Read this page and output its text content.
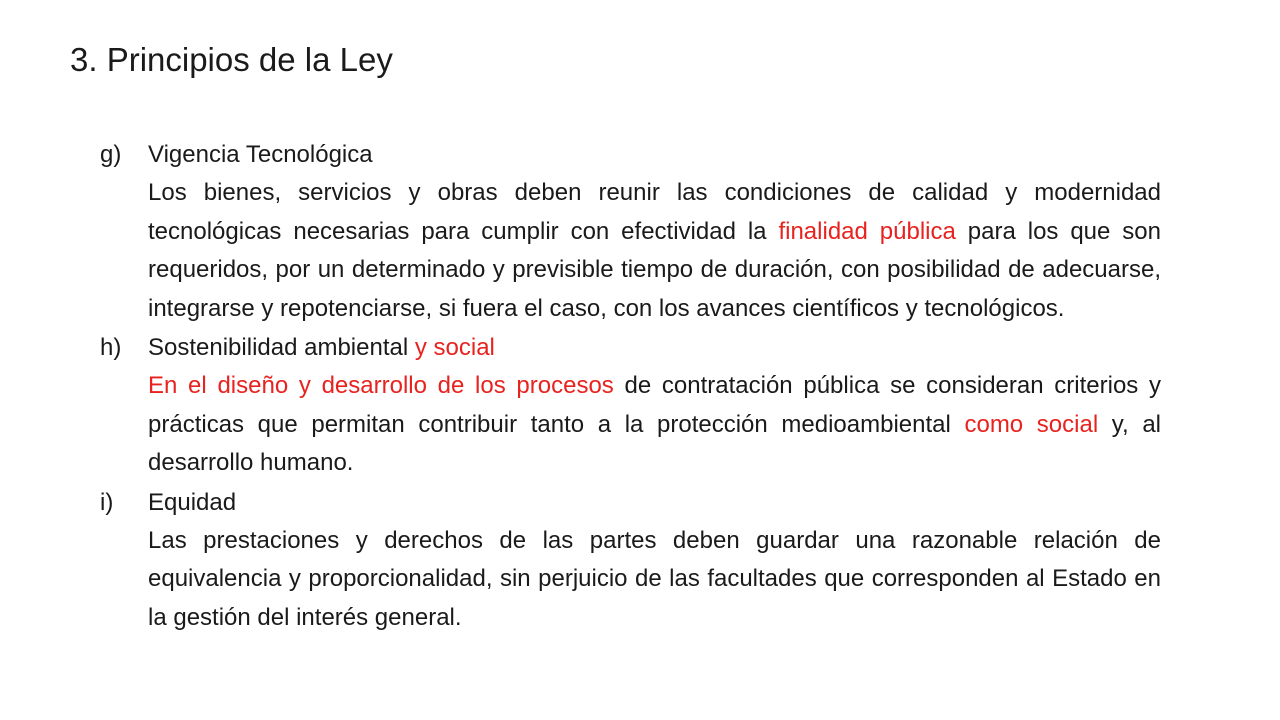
3. Principios de la Ley
g)	Vigencia Tecnológica
Los bienes, servicios y obras deben reunir las condiciones de calidad y modernidad tecnológicas necesarias para cumplir con efectividad la finalidad pública para los que son requeridos, por un determinado y previsible tiempo de duración, con posibilidad de adecuarse, integrarse y repotenciarse, si fuera el caso, con los avances científicos y tecnológicos.
h)	Sostenibilidad ambiental
y social
En el diseño y desarrollo de los procesos de contratación pública se consideran criterios y prácticas que permitan contribuir tanto a la protección medioambiental como social y, al desarrollo humano.
i)	Equidad
Las prestaciones y derechos de las partes deben guardar una razonable relación de equivalencia y proporcionalidad, sin perjuicio de las facultades que corresponden al Estado en la gestión del interés general.
